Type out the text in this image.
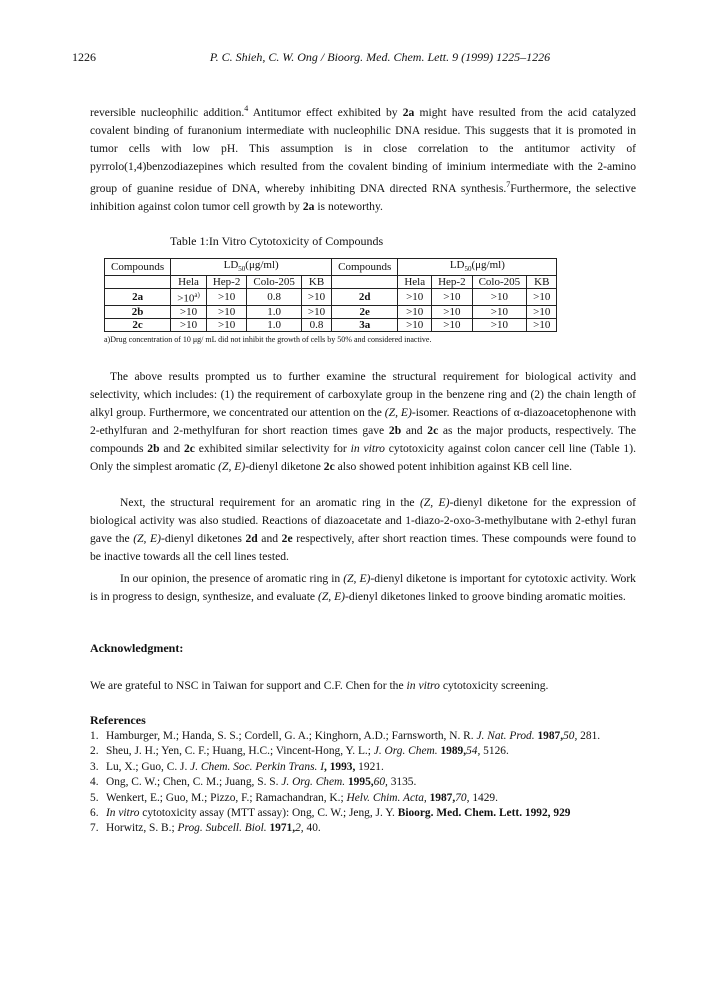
1226	P. C. Shieh, C. W. Ong / Bioorg. Med. Chem. Lett. 9 (1999) 1225–1226
reversible nucleophilic addition.$^4$ Antitumor effect exhibited by 2a might have resulted from the acid catalyzed covalent binding of furanonium intermediate with nucleophilic DNA residue. This suggests that it is promoted in tumor cells with low pH. This assumption is in close correlation to the antitumor activity of pyrrolo(1,4)benzodiazepines which resulted from the covalent binding of iminium intermediate with the 2-amino group of guanine residue of DNA, whereby inhibiting DNA directed RNA synthesis.$^7$Furthermore, the selective inhibition against colon tumor cell growth by 2a is noteworthy.
Table 1:In Vitro Cytotoxicity of Compounds
Compounds	$LD_{50}(\mu g/ml)$				Compounds	$LD_{50}(\mu g/ml)$			
	Hela	Hep-2	Colo-205	KB		Hela	Hep-2	Colo-205	KB
2a	$>10^{a)}$	>10	0.8	>10	2d	>10	>10	>10	>10
2b	>10	>10	1.0	>10	2e	>10	>10	>10	>10
2c	>10	>10	1.0	0.8	3a	>10	>10	>10	>10
a)Drug concentration of 10 μg/ mL did not inhibit the growth of cells by 50% and considered inactive.
The above results prompted us to further examine the structural requirement for biological activity and selectivity, which includes: (1) the requirement of carboxylate group in the benzene ring and (2) the chain length of alkyl group. Furthermore, we concentrated our attention on the (Z, E)-isomer. Reactions of α-diazoacetophenone with 2-ethylfuran and 2-methylfuran for short reaction times gave 2b and 2c as the major products, respectively. The compounds 2b and 2c exhibited similar selectivity for in vitro cytotoxicity against colon cancer cell line (Table 1). Only the simplest aromatic (Z, E)-dienyl diketone 2c also showed potent inhibition against KB cell line.
Next, the structural requirement for an aromatic ring in the (Z, E)-dienyl diketone for the expression of biological activity was also studied. Reactions of diazoacetate and 1-diazo-2-oxo-3-methylbutane with 2-ethyl furan gave the (Z, E)-dienyl diketones 2d and 2e respectively, after short reaction times. These compounds were found to be inactive towards all the cell lines tested.
In our opinion, the presence of aromatic ring in (Z, E)-dienyl diketone is important for cytotoxic activity. Work is in progress to design, synthesize, and evaluate (Z, E)-dienyl diketones linked to groove binding aromatic moities.
Acknowledgment:
We are grateful to NSC in Taiwan for support and C.F. Chen for the in vitro cytotoxicity screening.
References
1. Hamburger, M.; Handa, S. S.; Cordell, G. A.; Kinghorn, A.D.; Farnsworth, N. R. J. Nat. Prod. 1987,50, 281.
2. Sheu, J. H.; Yen, C. F.; Huang, H.C.; Vincent-Hong, Y. L.; J. Org. Chem. 1989,54, 5126.
3. Lu, X.; Guo, C. J. J. Chem. Soc. Perkin Trans. I, 1993, 1921.
4. Ong, C. W.; Chen, C. M.; Juang, S. S. J. Org. Chem. 1995,60, 3135.
5. Wenkert, E.; Guo, M.; Pizzo, F.; Ramachandran, K.; Helv. Chim. Acta, 1987,70, 1429.
6. In vitro cytotoxicity assay (MTT assay): Ong, C. W.; Jeng, J. Y. Bioorg. Med. Chem. Lett. 1992, 929
7. Horwitz, S. B.; Prog. Subcell. Biol. 1971,2, 40.
